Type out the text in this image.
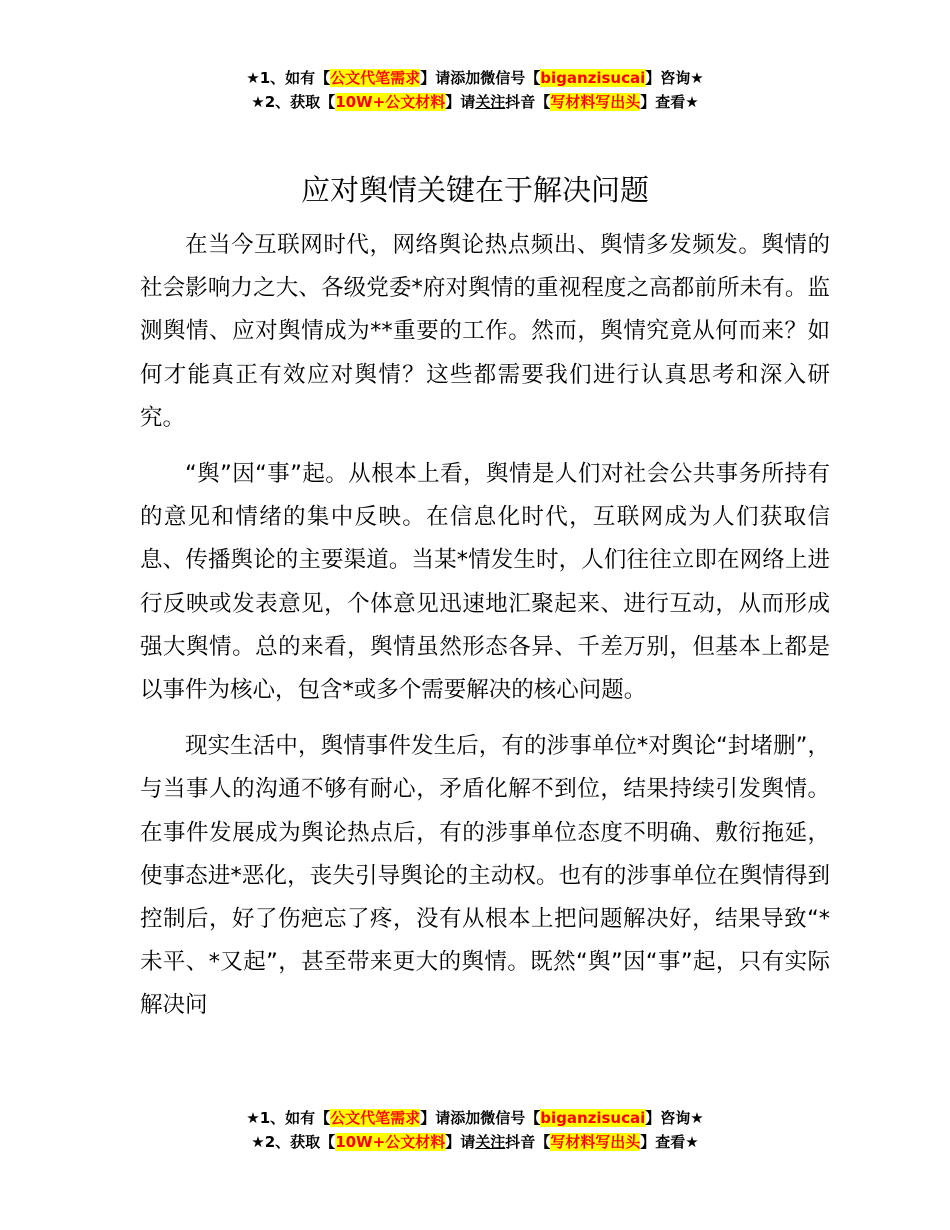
★1、如有【公文代笔需求】请添加微信号【biganzisucai】咨询★
★2、获取【10W+公文材料】请关注抖音【写材料写出头】查看★
应对舆情关键在于解决问题

在当今互联网时代，网络舆论热点频出、舆情多发频发。舆情的社会影响力之大、各级党委*府对舆情的重视程度之高都前所未有。监测舆情、应对舆情成为**重要的工作。然而，舆情究竟从何而来？如何才能真正有效应对舆情？这些都需要我们进行认真思考和深入研究。

“舆”因“事”起。从根本上看，舆情是人们对社会公共事务所持有的意见和情绪的集中反映。在信息化时代，互联网成为人们获取信息、传播舆论的主要渠道。当某*情发生时，人们往往立即在网络上进行反映或发表意见，个体意见迅速地汇聚起来、进行互动，从而形成强大舆情。总的来看，舆情虽然形态各异、千差万别，但基本上都是以事件为核心，包含*或多个需要解决的核心问题。

现实生活中，舆情事件发生后，有的涉事单位*对舆论“封堵删”，与当事人的沟通不够有耐心，矛盾化解不到位，结果持续引发舆情。在事件发展成为舆论热点后，有的涉事单位态度不明确、敷衍拖延，使事态进*恶化，丧失引导舆论的主动权。也有的涉事单位在舆情得到控制后，好了伤疤忘了疼，没有从根本上把问题解决好，结果导致“*未平、*又起”，甚至带来更大的舆情。既然“舆”因“事”起，只有实际解决问

★1、如有【公文代笔需求】请添加微信号【biganzisucai】咨询★
★2、获取【10W+公文材料】请关注抖音【写材料写出头】查看★
